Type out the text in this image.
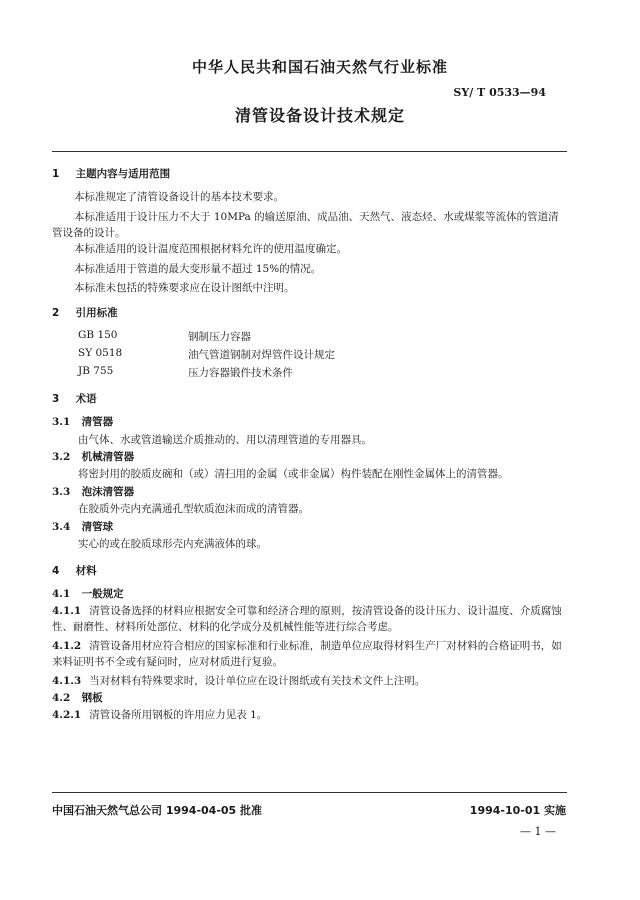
中华人民共和国石油天然气行业标准
SY/ T 0533—94
清管设备设计技术规定
1 主题内容与适用范围
本标准规定了清管设备设计的基本技术要求。
本标准适用于设计压力不大于 10MPa 的输送原油、成品油、天然气、液态烃、水或煤浆等流体的管道清管设备的设计。
本标准适用的设计温度范围根据材料允许的使用温度确定。
本标准适用于管道的最大变形量不超过 15%的情况。
本标准未包括的特殊要求应在设计图纸中注明。
2 引用标准
GB 150	钢制压力容器
SY 0518	油气管道钢制对焊管件设计规定
JB 755	压力容器锻件技术条件
3 术语
3.1 清管器
由气体、水或管道输送介质推动的、用以清理管道的专用器具。
3.2 机械清管器
将密封用的胶质皮碗和（或）清扫用的金属（或非金属）构件装配在刚性金属体上的清管器。
3.3 泡沫清管器
在胶质外壳内充满通孔型软质泡沫而成的清管器。
3.4 清管球
实心的或在胶质球形壳内充满液体的球。
4 材料
4.1 一般规定
4.1.1 清管设备选择的材料应根据安全可靠和经济合理的原则，按清管设备的设计压力、设计温度、介质腐蚀性、耐磨性、材料所处部位、材料的化学成分及机械性能等进行综合考虑。
4.1.2 清管设备用材应符合相应的国家标准和行业标准，制造单位应取得材料生产厂对材料的合格证明书，如来料证明书不全或有疑问时，应对材质进行复验。
4.1.3 当对材料有特殊要求时，设计单位应在设计图纸或有关技术文件上注明。
4.2 钢板
4.2.1 清管设备所用钢板的许用应力见表 1。
中国石油天然气总公司 1994-04-05 批准	1994-10-01 实施
— 1 —
